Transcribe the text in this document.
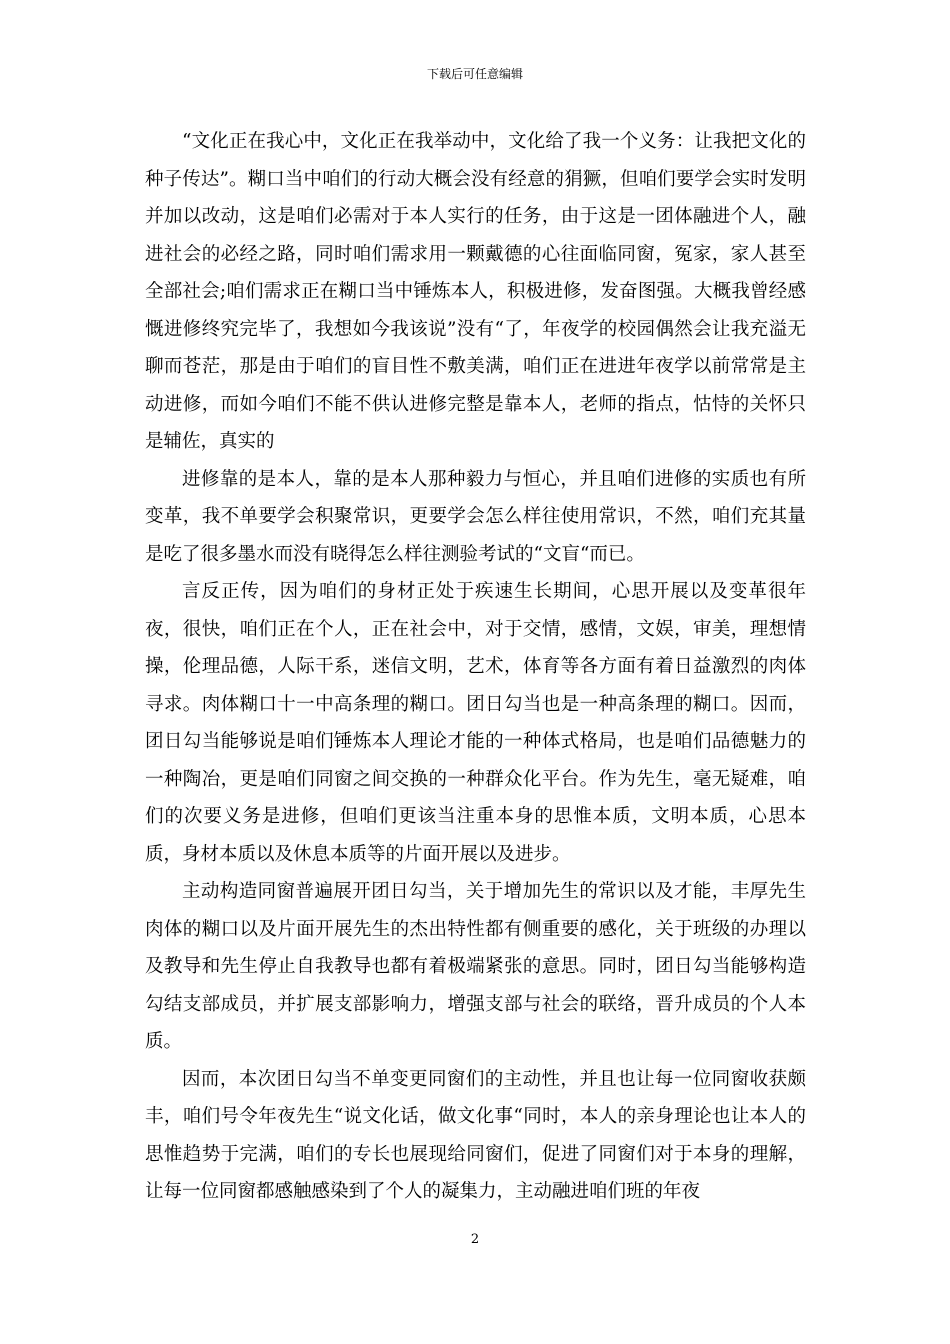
下载后可任意编辑

“文化正在我心中，文化正在我举动中，文化给了我一个义务：让我把文化的种子传达”。糊口当中咱们的行动大概会没有经意的狷獗，但咱们要学会实时发明并加以改动，这是咱们必需对于本人实行的任务，由于这是一团体融进个人，融进社会的必经之路，同时咱们需求用一颗戴德的心往面临同窗，冤家，家人甚至全部社会;咱们需求正在糊口当中锤炼本人，积极进修，发奋图强。大概我曾经感慨进修终究完毕了，我想如今我该说”没有“了，年夜学的校园偶然会让我充溢无聊而苍茫，那是由于咱们的盲目性不敷美满，咱们正在进进年夜学以前常常是主动进修，而如今咱们不能不供认进修完整是靠本人，老师的指点，怙恃的关怀只是辅佐，真实的

进修靠的是本人，靠的是本人那种毅力与恒心，并且咱们进修的实质也有所变革，我不单要学会积聚常识，更要学会怎么样往使用常识，不然，咱们充其量是吃了很多墨水而没有晓得怎么样往测验考试的“文盲“而已。

言反正传，因为咱们的身材正处于疾速生长期间，心思开展以及变革很年夜，很快，咱们正在个人，正在社会中，对于交情，感情，文娱，审美，理想情操，伦理品德，人际干系，迷信文明，艺术，体育等各方面有着日益激烈的肉体寻求。肉体糊口十一中高条理的糊口。团日勾当也是一种高条理的糊口。因而，团日勾当能够说是咱们锤炼本人理论才能的一种体式格局，也是咱们品德魅力的一种陶冶，更是咱们同窗之间交换的一种群众化平台。作为先生，毫无疑难，咱们的次要义务是进修，但咱们更该当注重本身的思惟本质，文明本质，心思本质，身材本质以及休息本质等的片面开展以及进步。

主动构造同窗普遍展开团日勾当，关于增加先生的常识以及才能，丰厚先生肉体的糊口以及片面开展先生的杰出特性都有侧重要的感化，关于班级的办理以及教导和先生停止自我教导也都有着极端紧张的意思。同时，团日勾当能够构造勾结支部成员，并扩展支部影响力，增强支部与社会的联络，晋升成员的个人本质。

因而，本次团日勾当不单变更同窗们的主动性，并且也让每一位同窗收获颇丰，咱们号令年夜先生“说文化话，做文化事“同时，本人的亲身理论也让本人的思惟趋势于完满，咱们的专长也展现给同窗们，促进了同窗们对于本身的理解，让每一位同窗都感触感染到了个人的凝集力，主动融进咱们班的年夜

2
